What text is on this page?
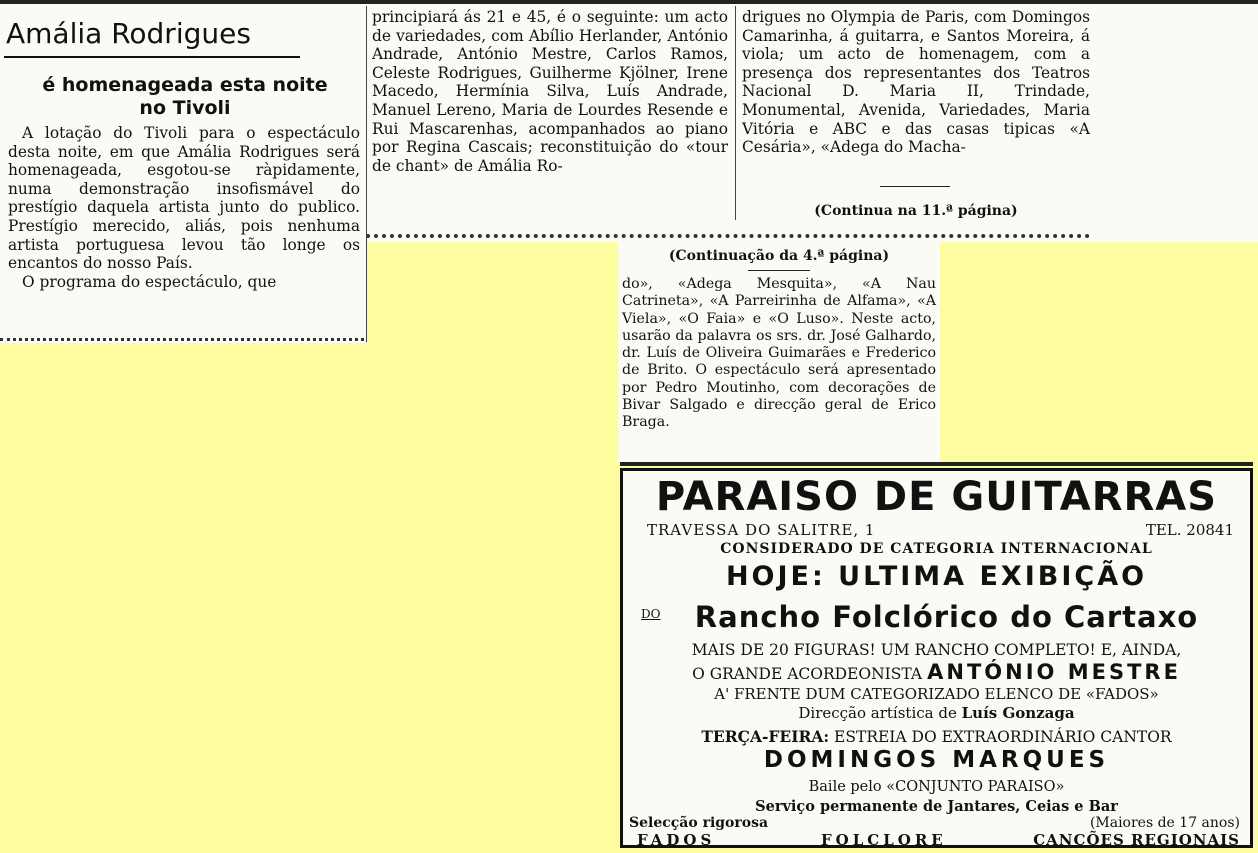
Amália Rodrigues
é homenageada esta noite
no Tivoli

A lotação do Tivoli para o espectáculo desta noite, em que Amália Rodrigues será homenageada, esgotou-se ràpidamente, numa demonstração insofismável do prestígio daquela artista junto do publico. Prestígio merecido, aliás, pois nenhuma artista portuguesa levou tão longe os encantos do nosso País.

O programa do espectáculo, que

principiará ás 21 e 45, é o seguinte: um acto de variedades, com Abílio Herlander, António Andrade, António Mestre, Carlos Ramos, Celeste Rodrigues, Guilherme Kjölner, Irene Macedo, Hermínia Silva, Luís Andrade, Manuel Lereno, Maria de Lourdes Resende e Rui Mascarenhas, acompanhados ao piano por Regina Cascais; reconstituição do «tour de chant» de Amália Ro-

drigues no Olympia de Paris, com Domingos Camarinha, á guitarra, e Santos Moreira, á viola; um acto de homenagem, com a presença dos representantes dos Teatros Nacional D. Maria II, Trindade, Monumental, Avenida, Variedades, Maria Vitória e ABC e das casas tipicas «A Cesária», «Adega do Macha-

(Continua na 11.ª página)
(Continuação da 4.ª página)

do», «Adega Mesquita», «A Nau Catrineta», «A Parreirinha de Alfama», «A Viela», «O Faia» e «O Luso». Neste acto, usarão da palavra os srs. dr. José Galhardo, dr. Luís de Oliveira Guimarães e Frederico de Brito. O espectáculo será apresentado por Pedro Moutinho, com decorações de Bivar Salgado e direcção geral de Erico Braga.

PARAISO DE GUITARRAS
TRAVESSA DO SALITRE, 1	TEL. 20841
CONSIDERADO DE CATEGORIA INTERNACIONAL
HOJE: ULTIMA EXIBIÇÃO
DO	Rancho Folclórico do Cartaxo
MAIS DE 20 FIGURAS! UM RANCHO COMPLETO! E, AINDA,
O GRANDE ACORDEONISTA ANTÓNIO MESTRE
A' FRENTE DUM CATEGORIZADO ELENCO DE «FADOS»
Direcção artística de Luís Gonzaga
TERÇA-FEIRA: ESTREIA DO EXTRAORDINÁRIO CANTOR
DOMINGOS MARQUES
Baile pelo «CONJUNTO PARAISO»
Serviço permanente de Jantares, Ceias e Bar
Selecção rigorosa	(Maiores de 17 anos)
FADOS	FOLCLORE	CANÇÕES REGIONAIS
